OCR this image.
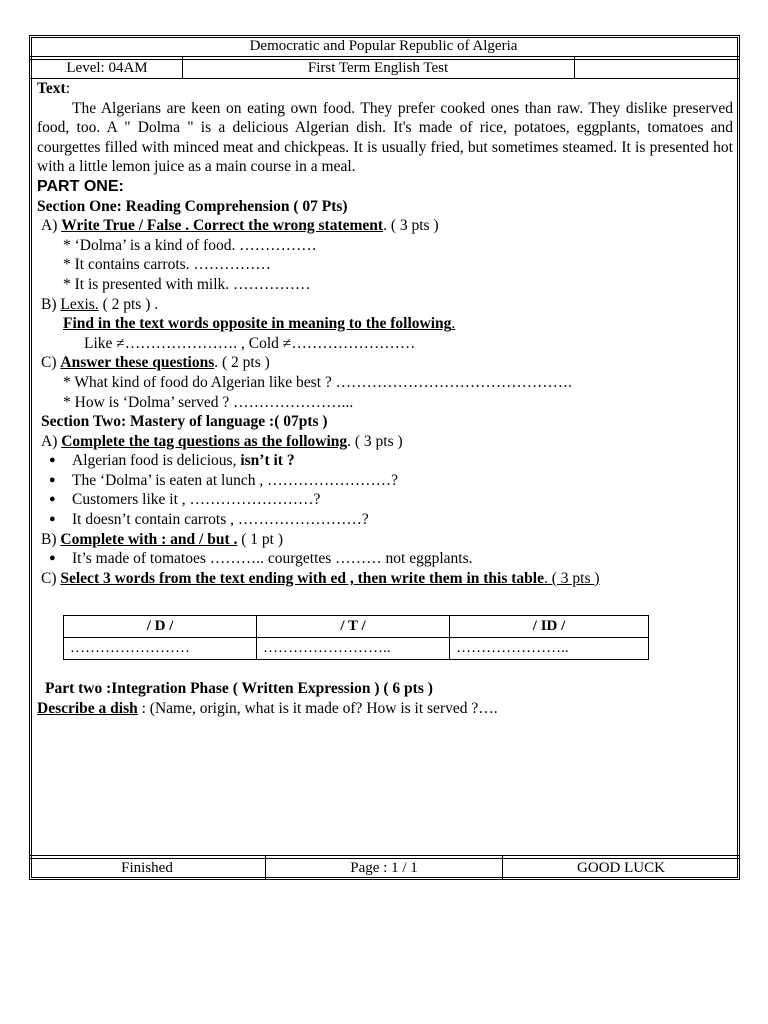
Democratic and Popular Republic of Algeria
Level: 04AM	First Term English Test

Text:

The Algerians are keen on eating own food. They prefer cooked ones than raw. They dislike preserved food, too. A " Dolma " is a delicious Algerian dish. It's made of rice, potatoes, eggplants, tomatoes and courgettes filled with minced meat and chickpeas. It is usually fried, but sometimes steamed. It is presented hot with a little lemon juice as a main course in a meal.

PART ONE:

Section One: Reading Comprehension ( 07 Pts)

A) Write True / False . Correct the wrong statement. ( 3 pts )

* ‘Dolma’ is a kind of food. ……………

* It contains carrots. ……………

* It is presented with milk. ……………

B) Lexis. ( 2 pts ) .

Find in the text words opposite in meaning to the following.

Like ≠…………………. , Cold ≠……………………

C) Answer these questions. ( 2 pts )

* What kind of food do Algerian like best ? ……………………………………….

* How is ‘Dolma’ served ? …………………...

Section Two: Mastery of language :( 07pts )

A) Complete the tag questions as the following. ( 3 pts )

● Algerian food is delicious, isn’t it ?

● The ‘Dolma’ is eaten at lunch , ……………………?

● Customers like it , ……………………?

● It doesn’t contain carrots , ……………………?

B) Complete with : and / but . ( 1 pt )

● It’s made of tomatoes ……….. courgettes ……… not eggplants.

C) Select 3 words from the text ending with ed , then write them in this table. ( 3 pts )

/ D /	/ T /	/ ID /
……………………	……………………..	…………………..
Part two :Integration Phase ( Written Expression ) ( 6 pts )
Describe a dish : (Name, origin, what is it made of? How is it served ?….
Finished	Page : 1 / 1	GOOD LUCK
